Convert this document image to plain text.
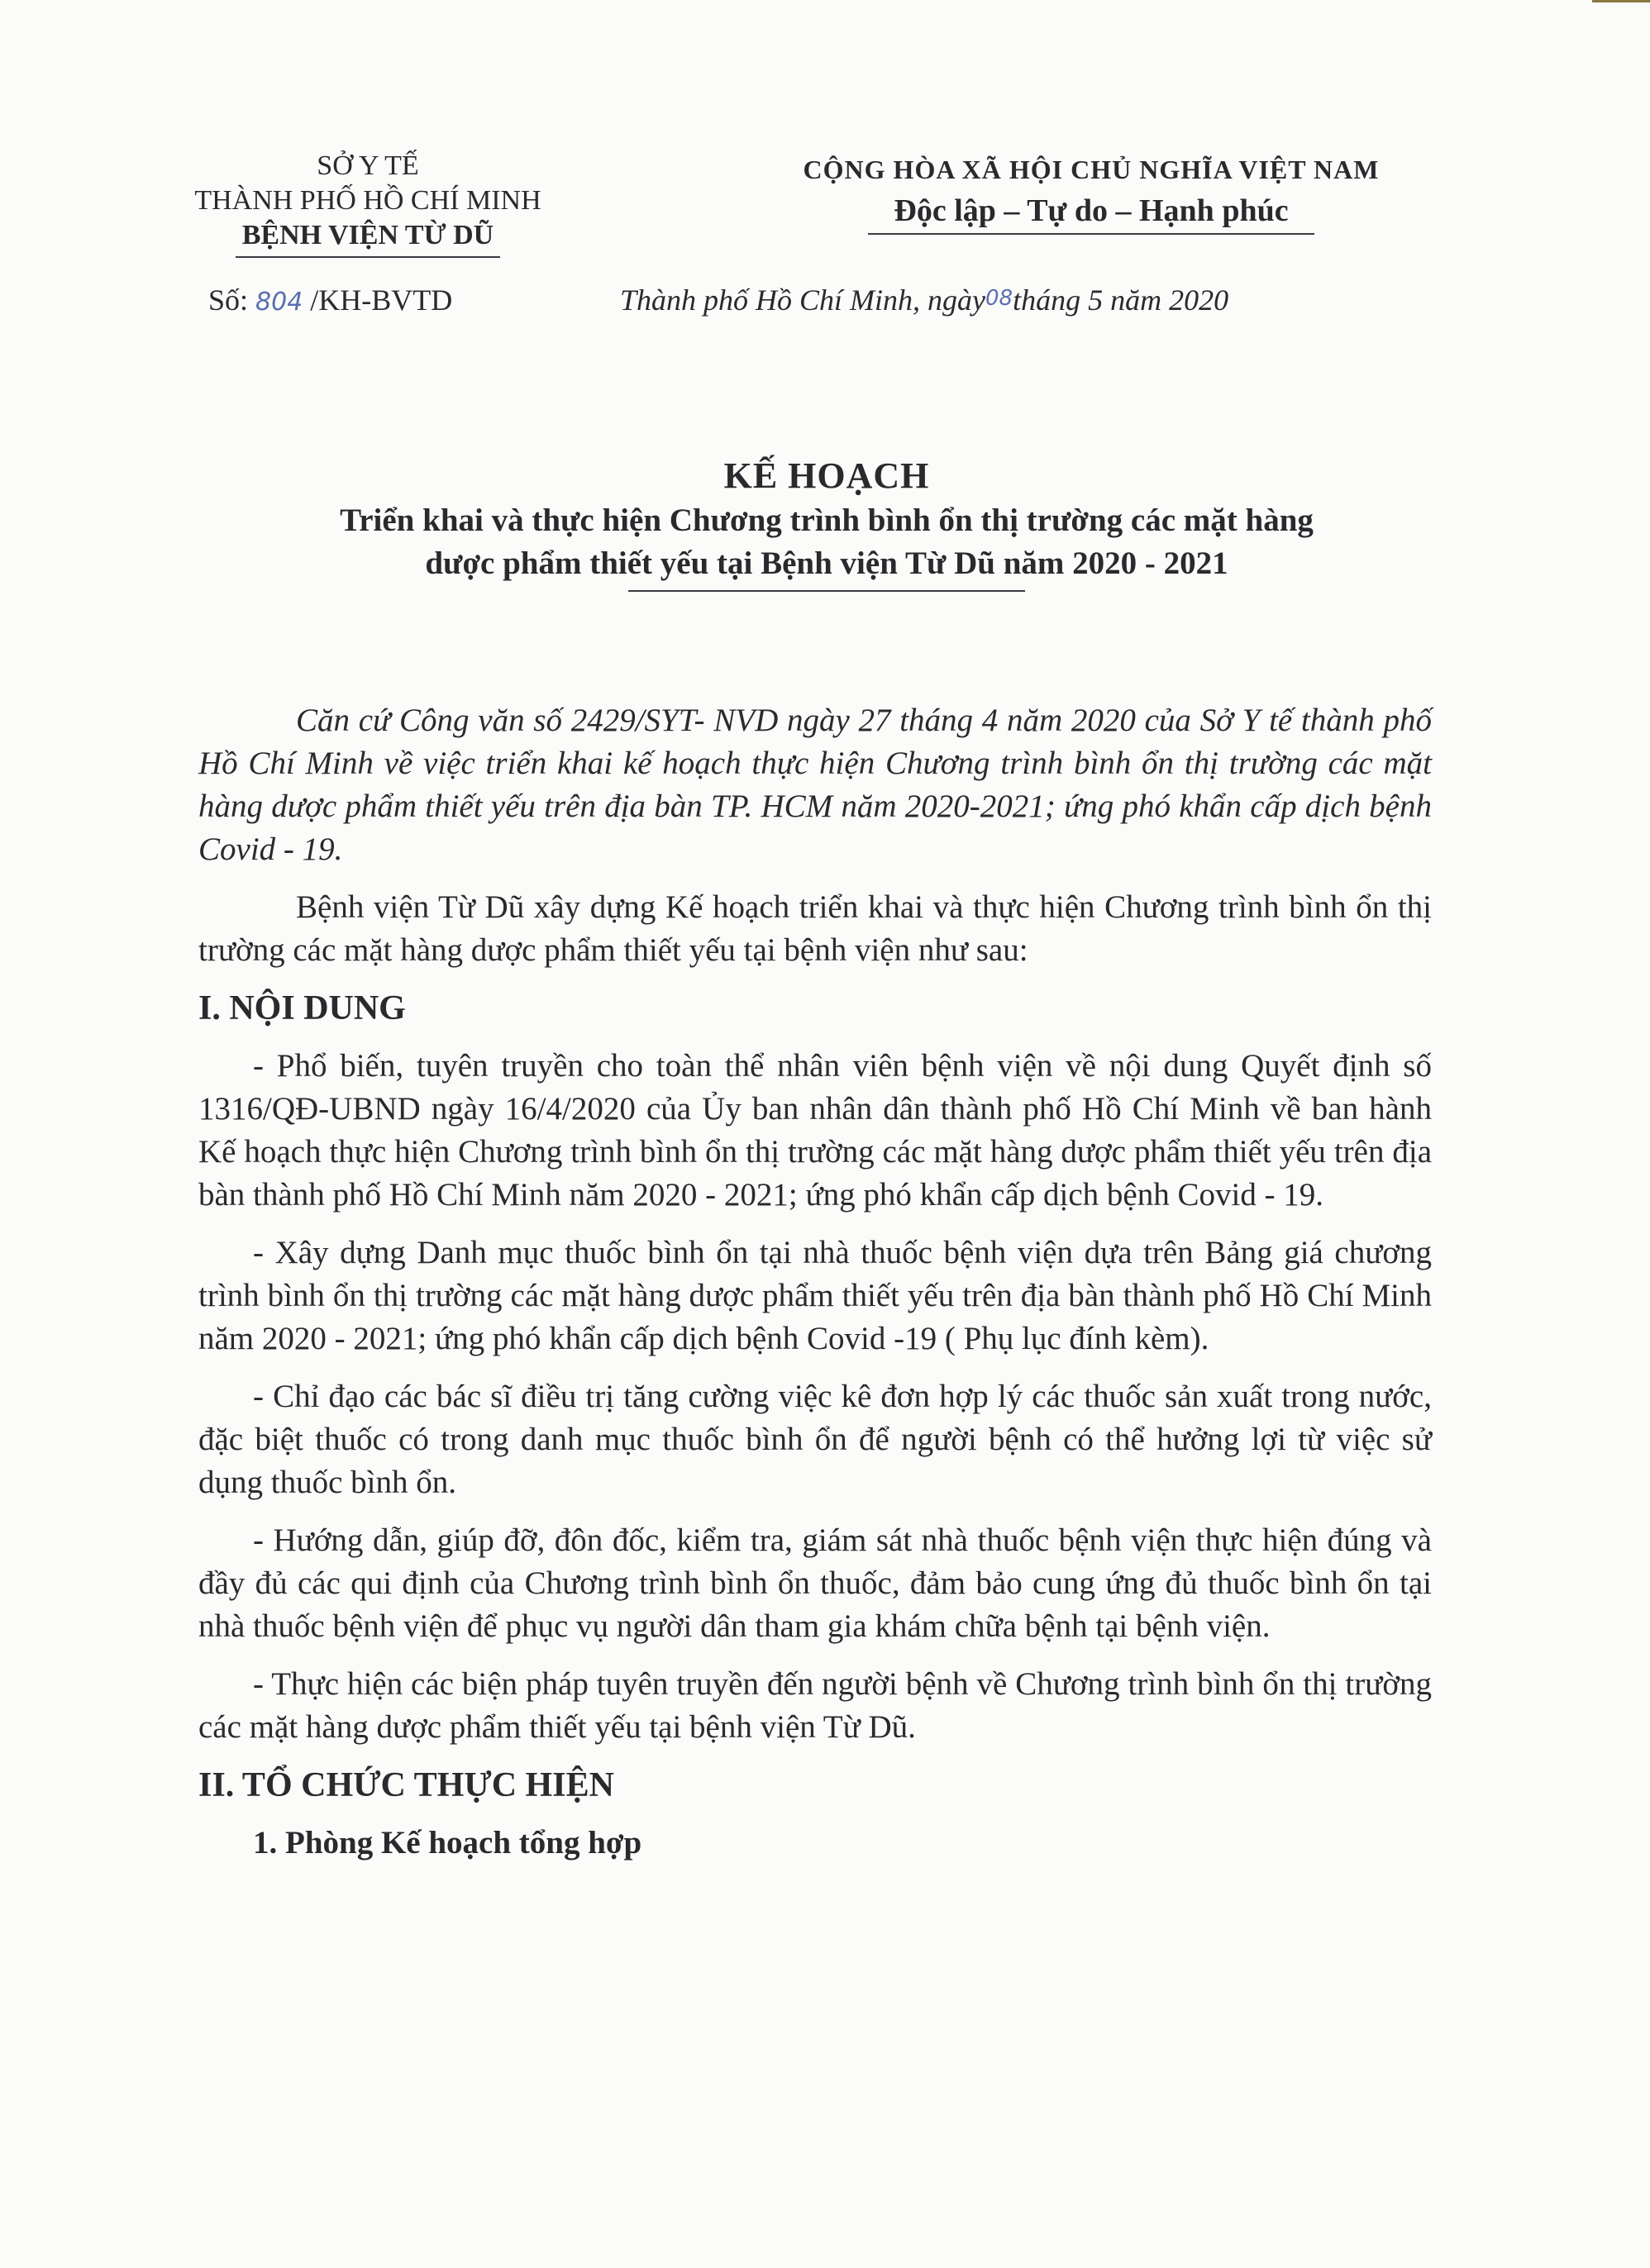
SỞ Y TẾ
THÀNH PHỐ HỒ CHÍ MINH
BỆNH VIỆN TỪ DŨ
CỘNG HÒA XÃ HỘI CHỦ NGHĨA VIỆT NAM
Độc lập – Tự do – Hạnh phúc
Số: 804 /KH-BVTD	Thành phố Hồ Chí Minh, ngày08tháng 5 năm 2020
KẾ HOẠCH
Triển khai và thực hiện Chương trình bình ổn thị trường các mặt hàng
dược phẩm thiết yếu tại Bệnh viện Từ Dũ năm 2020 - 2021

Căn cứ Công văn số 2429/SYT- NVD ngày 27 tháng 4 năm 2020 của Sở Y tế thành phố Hồ Chí Minh về việc triển khai kế hoạch thực hiện Chương trình bình ổn thị trường các mặt hàng dược phẩm thiết yếu trên địa bàn TP. HCM năm 2020-2021; ứng phó khẩn cấp dịch bệnh Covid - 19.

Bệnh viện Từ Dũ xây dựng Kế hoạch triển khai và thực hiện Chương trình bình ổn thị trường các mặt hàng dược phẩm thiết yếu tại bệnh viện như sau:

I. NỘI DUNG

- Phổ biến, tuyên truyền cho toàn thể nhân viên bệnh viện về nội dung Quyết định số 1316/QĐ-UBND ngày 16/4/2020 của Ủy ban nhân dân thành phố Hồ Chí Minh về ban hành Kế hoạch thực hiện Chương trình bình ổn thị trường các mặt hàng dược phẩm thiết yếu trên địa bàn thành phố Hồ Chí Minh năm 2020 - 2021; ứng phó khẩn cấp dịch bệnh Covid - 19.

- Xây dựng Danh mục thuốc bình ổn tại nhà thuốc bệnh viện dựa trên Bảng giá chương trình bình ổn thị trường các mặt hàng dược phẩm thiết yếu trên địa bàn thành phố Hồ Chí Minh năm 2020 - 2021; ứng phó khẩn cấp dịch bệnh Covid -19 ( Phụ lục đính kèm).

- Chỉ đạo các bác sĩ điều trị tăng cường việc kê đơn hợp lý các thuốc sản xuất trong nước, đặc biệt thuốc có trong danh mục thuốc bình ổn để người bệnh có thể hưởng lợi từ việc sử dụng thuốc bình ổn.

- Hướng dẫn, giúp đỡ, đôn đốc, kiểm tra, giám sát nhà thuốc bệnh viện thực hiện đúng và đầy đủ các qui định của Chương trình bình ổn thuốc, đảm bảo cung ứng đủ thuốc bình ổn tại nhà thuốc bệnh viện để phục vụ người dân tham gia khám chữa bệnh tại bệnh viện.

- Thực hiện các biện pháp tuyên truyền đến người bệnh về Chương trình bình ổn thị trường các mặt hàng dược phẩm thiết yếu tại bệnh viện Từ Dũ.

II. TỔ CHỨC THỰC HIỆN

1. Phòng Kế hoạch tổng hợp
